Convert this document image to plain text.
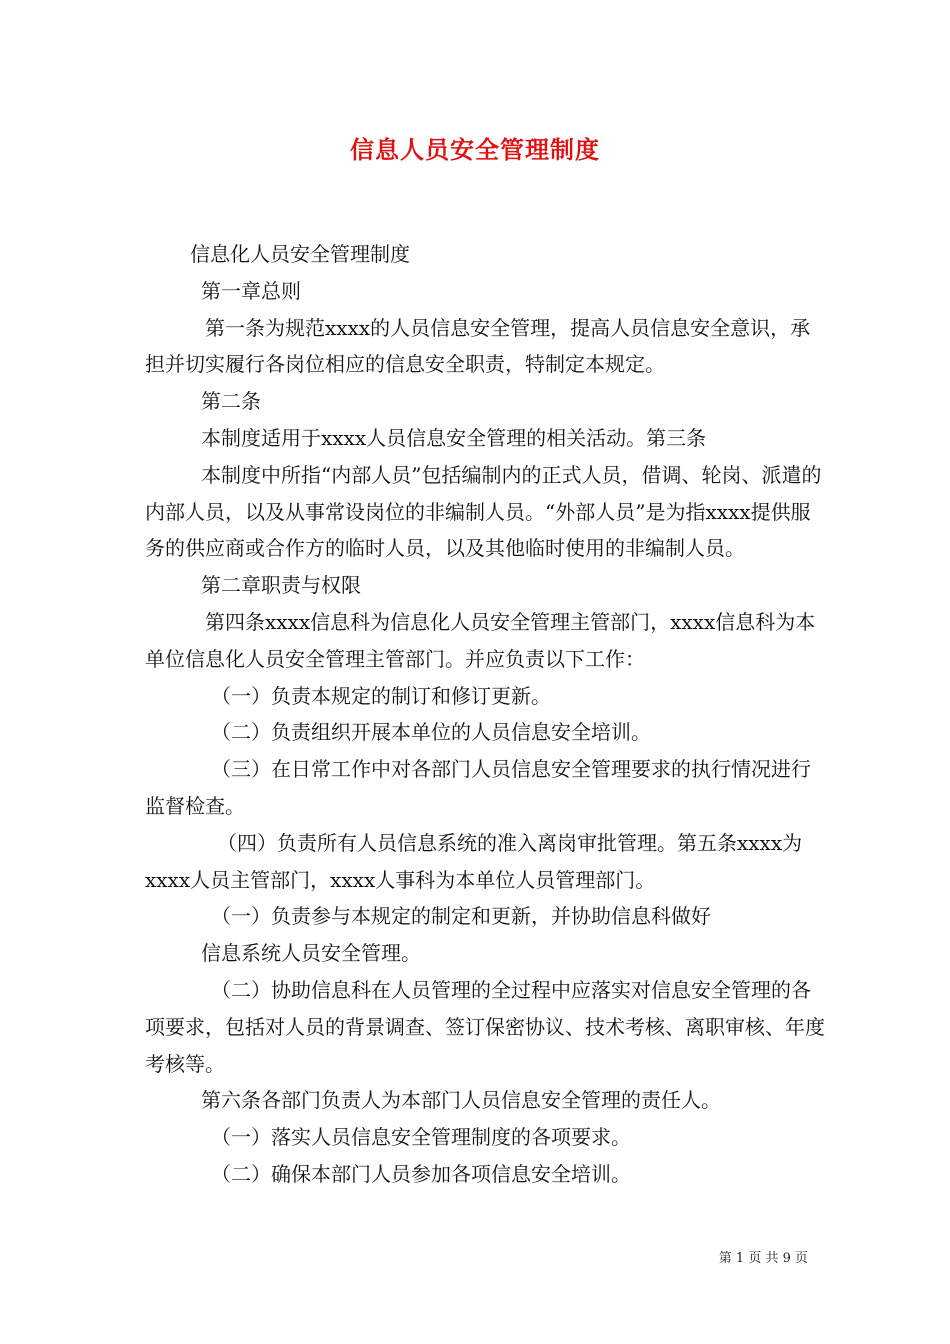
信息人员安全管理制度

信息化人员安全管理制度

第一章总则

第一条为规范xxxx的人员信息安全管理，提高人员信息安全意识，承担并切实履行各岗位相应的信息安全职责，特制定本规定。

第二条

本制度适用于xxxx人员信息安全管理的相关活动。第三条

本制度中所指“内部人员”包括编制内的正式人员，借调、轮岗、派遣的内部人员，以及从事常设岗位的非编制人员。“外部人员”是为指xxxx提供服务的供应商或合作方的临时人员，以及其他临时使用的非编制人员。

第二章职责与权限

第四条xxxx信息科为信息化人员安全管理主管部门，xxxx信息科为本单位信息化人员安全管理主管部门。并应负责以下工作：

（一）负责本规定的制订和修订更新。

（二）负责组织开展本单位的人员信息安全培训。

（三）在日常工作中对各部门人员信息安全管理要求的执行情况进行监督检查。

（四）负责所有人员信息系统的准入离岗审批管理。第五条xxxx为xxxx人员主管部门，xxxx人事科为本单位人员管理部门。

（一）负责参与本规定的制定和更新，并协助信息科做好

信息系统人员安全管理。

（二）协助信息科在人员管理的全过程中应落实对信息安全管理的各项要求，包括对人员的背景调查、签订保密协议、技术考核、离职审核、年度考核等。

第六条各部门负责人为本部门人员信息安全管理的责任人。

（一）落实人员信息安全管理制度的各项要求。

（二）确保本部门人员参加各项信息安全培训。

第 1 页 共 9 页
